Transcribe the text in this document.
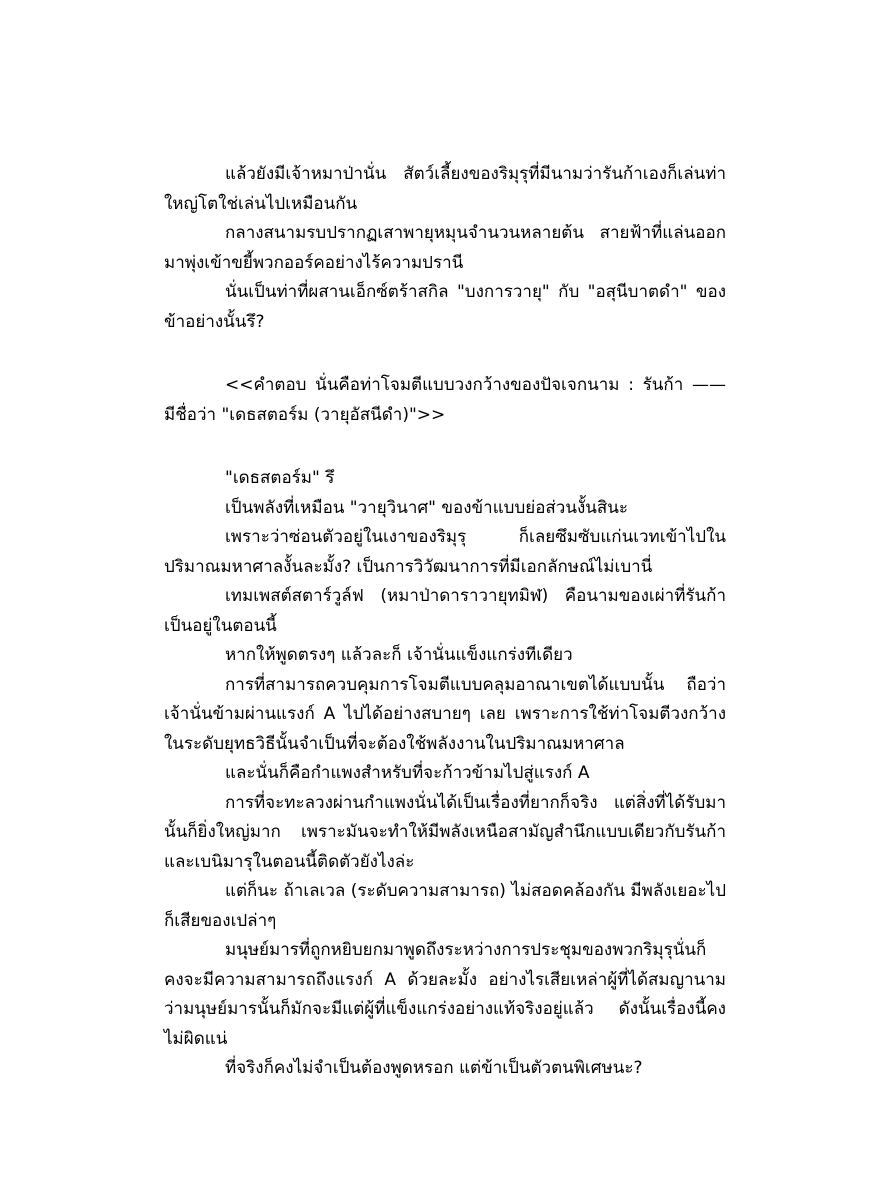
แล้วยังมีเจ้าหมาป่านั่น สัตว์เลี้ยงของริมุรุที่มีนามว่ารันก้าเองก็เล่นท่าใหญ่โตใช่เล่นไปเหมือนกัน

กลางสนามรบปรากฏเสาพายุหมุนจำนวนหลายต้น สายฟ้าที่แล่นออกมาพุ่งเข้าขยี้พวกออร์คอย่างไร้ความปรานี

นั่นเป็นท่าที่ผสานเอ็กซ์ตร้าสกิล "บงการวายุ" กับ "อสุนีบาตดำ" ของข้าอย่างนั้นรึ?

<<คำตอบ นั่นคือท่าโจมตีแบบวงกว้างของปัจเจกนาม : รันก้า —— มีชื่อว่า "เดธสตอร์ม (วายุอัสนีดำ)">>

"เดธสตอร์ม" รึ

เป็นพลังที่เหมือน "วายุวินาศ" ของข้าแบบย่อส่วนงั้นสินะ

เพราะว่าซ่อนตัวอยู่ในเงาของริมุรุ ก็เลยซึมซับแก่นเวทเข้าไปในปริมาณมหาศาลงั้นละมั้ง? เป็นการวิวัฒนาการที่มีเอกลักษณ์ไม่เบานี่

เทมเพสต์สตาร์วูล์ฟ (หมาป่าดาราวายุทมิฬ) คือนามของเผ่าที่รันก้าเป็นอยู่ในตอนนี้

หากให้พูดตรงๆ แล้วละก็ เจ้านั่นแข็งแกร่งทีเดียว

การที่สามารถควบคุมการโจมตีแบบคลุมอาณาเขตได้แบบนั้น ถือว่าเจ้านั่นข้ามผ่านแรงก์ A ไปได้อย่างสบายๆ เลย เพราะการใช้ท่าโจมตีวงกว้างในระดับยุทธวิธีนั้นจำเป็นที่จะต้องใช้พลังงานในปริมาณมหาศาล

และนั่นก็คือกำแพงสำหรับที่จะก้าวข้ามไปสู่แรงก์ A

การที่จะทะลวงผ่านกำแพงนั่นได้เป็นเรื่องที่ยากก็จริง แต่สิ่งที่ได้รับมานั้นก็ยิ่งใหญ่มาก เพราะมันจะทำให้มีพลังเหนือสามัญสำนึกแบบเดียวกับรันก้าและเบนิมารุในตอนนี้ติดตัวยังไงล่ะ

แต่ก็นะ ถ้าเลเวล (ระดับความสามารถ) ไม่สอดคล้องกัน มีพลังเยอะไปก็เสียของเปล่าๆ

มนุษย์มารที่ถูกหยิบยกมาพูดถึงระหว่างการประชุมของพวกริมุรุนั่นก็คงจะมีความสามารถถึงแรงก์ A ด้วยละมั้ง อย่างไรเสียเหล่าผู้ที่ได้สมญานามว่ามนุษย์มารนั้นก็มักจะมีแต่ผู้ที่แข็งแกร่งอย่างแท้จริงอยู่แล้ว ดังนั้นเรื่องนี้คงไม่ผิดแน่

ที่จริงก็คงไม่จำเป็นต้องพูดหรอก แต่ข้าเป็นตัวตนพิเศษนะ?
